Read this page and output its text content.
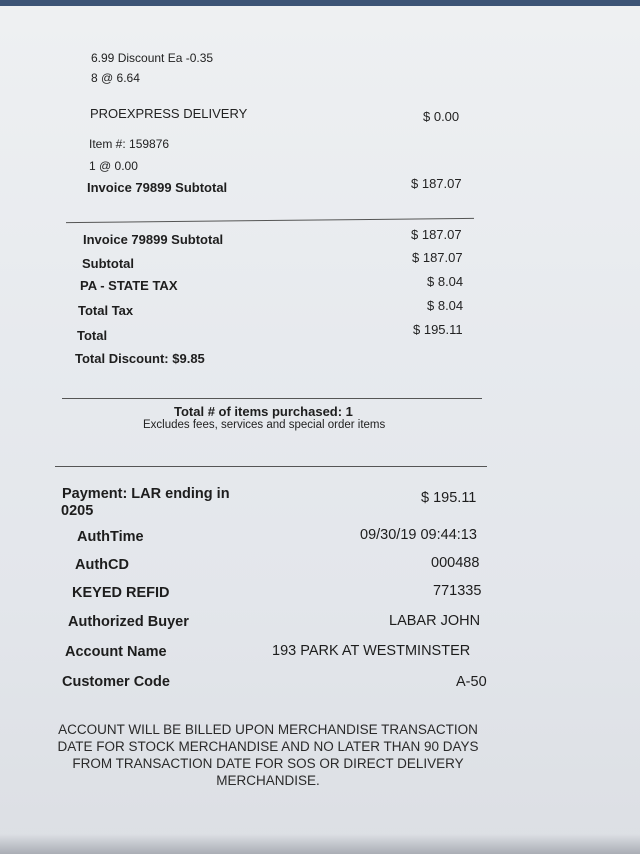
6.99 Discount Ea -0.35
8 @ 6.64
PROEXPRESS DELIVERY	$ 0.00
Item #: 159876
1 @ 0.00
Invoice 79899 Subtotal	$ 187.07
Invoice 79899 Subtotal	$ 187.07
Subtotal	$ 187.07
PA - STATE TAX	$ 8.04
Total Tax	$ 8.04
Total	$ 195.11
Total Discount: $9.85
Total # of items purchased: 1
Excludes fees, services and special order items
Payment: LAR ending in
0205
$ 195.11
AuthTime	09/30/19 09:44:13
AuthCD	000488
KEYED REFID	771335
Authorized Buyer	LABAR JOHN
Account Name	193 PARK AT WESTMINSTER
Customer Code	A-50
ACCOUNT WILL BE BILLED UPON MERCHANDISE TRANSACTION DATE FOR STOCK MERCHANDISE AND NO LATER THAN 90 DAYS FROM TRANSACTION DATE FOR SOS OR DIRECT DELIVERY MERCHANDISE.
